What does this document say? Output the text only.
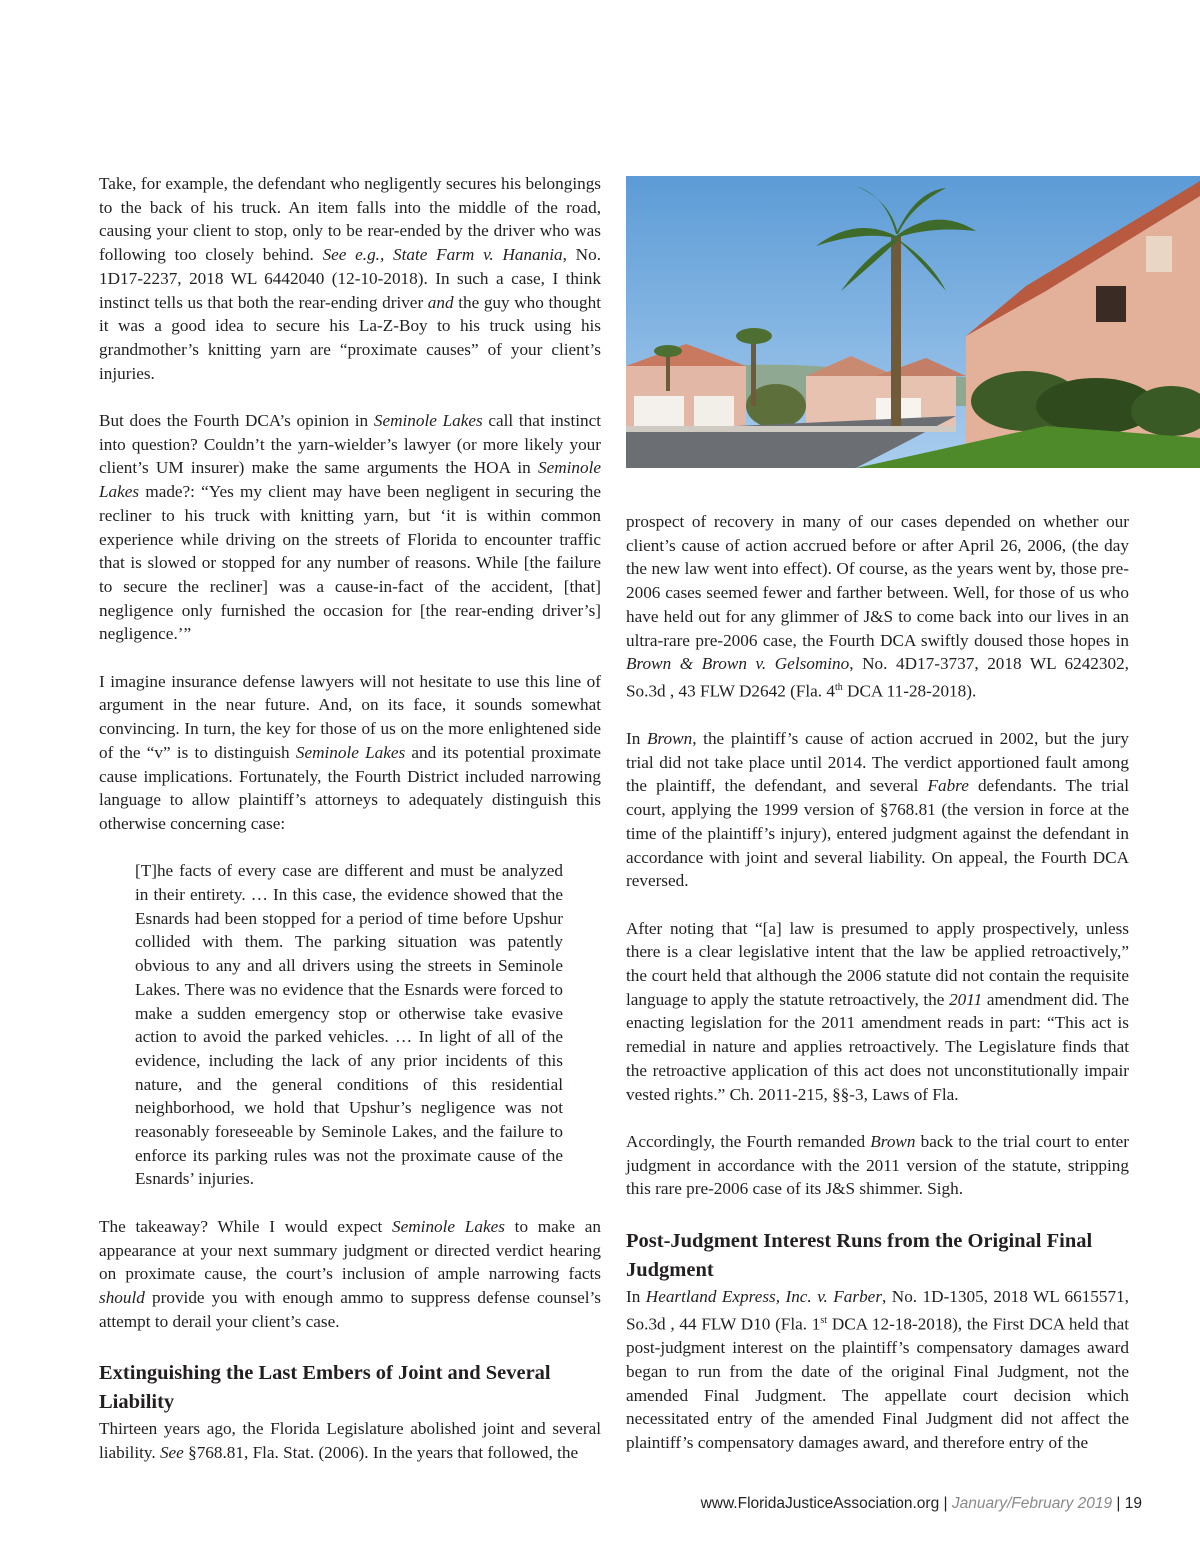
Take, for example, the defendant who negligently secures his belongings to the back of his truck. An item falls into the middle of the road, causing your client to stop, only to be rear-ended by the driver who was following too closely behind. See e.g., State Farm v. Hanania, No. 1D17-2237, 2018 WL 6442040 (12-10-2018). In such a case, I think instinct tells us that both the rear-ending driver and the guy who thought it was a good idea to secure his La-Z-Boy to his truck using his grandmother’s knitting yarn are “proximate causes” of your client’s injuries.

But does the Fourth DCA’s opinion in Seminole Lakes call that instinct into question? Couldn’t the yarn-wielder’s lawyer (or more likely your client’s UM insurer) make the same arguments the HOA in Seminole Lakes made?: “Yes my client may have been negligent in securing the recliner to his truck with knitting yarn, but ‘it is within common experience while driving on the streets of Florida to encounter traffic that is slowed or stopped for any number of reasons. While [the failure to secure the recliner] was a cause-in-fact of the accident, [that] negligence only furnished the occasion for [the rear-ending driver’s] negligence.’”

I imagine insurance defense lawyers will not hesitate to use this line of argument in the near future. And, on its face, it sounds somewhat convincing. In turn, the key for those of us on the more enlightened side of the “v” is to distinguish Seminole Lakes and its potential proximate cause implications. Fortunately, the Fourth District included narrowing language to allow plaintiff’s attorneys to adequately distinguish this otherwise concerning case:

[T]he facts of every case are different and must be analyzed in their entirety. … In this case, the evidence showed that the Esnards had been stopped for a period of time before Upshur collided with them. The parking situation was patently obvious to any and all drivers using the streets in Seminole Lakes. There was no evidence that the Esnards were forced to make a sudden emergency stop or otherwise take evasive action to avoid the parked vehicles. … In light of all of the evidence, including the lack of any prior incidents of this nature, and the general conditions of this residential neighborhood, we hold that Upshur’s negligence was not reasonably foreseeable by Seminole Lakes, and the failure to enforce its parking rules was not the proximate cause of the Esnards’ injuries.

The takeaway? While I would expect Seminole Lakes to make an appearance at your next summary judgment or directed verdict hearing on proximate cause, the court’s inclusion of ample narrowing facts should provide you with enough ammo to suppress defense counsel’s attempt to derail your client’s case.

Extinguishing the Last Embers of Joint and Several Liability

Thirteen years ago, the Florida Legislature abolished joint and several liability. See §768.81, Fla. Stat. (2006). In the years that followed, the

prospect of recovery in many of our cases depended on whether our client’s cause of action accrued before or after April 26, 2006, (the day the new law went into effect). Of course, as the years went by, those pre-2006 cases seemed fewer and farther between. Well, for those of us who have held out for any glimmer of J&S to come back into our lives in an ultra-rare pre-2006 case, the Fourth DCA swiftly doused those hopes in Brown & Brown v. Gelsomino, No. 4D17-3737, 2018 WL 6242302, So.3d , 43 FLW D2642 (Fla. 4th DCA 11-28-2018).

In Brown, the plaintiff’s cause of action accrued in 2002, but the jury trial did not take place until 2014. The verdict apportioned fault among the plaintiff, the defendant, and several Fabre defendants. The trial court, applying the 1999 version of §768.81 (the version in force at the time of the plaintiff’s injury), entered judgment against the defendant in accordance with joint and several liability. On appeal, the Fourth DCA reversed.

After noting that “[a] law is presumed to apply prospectively, unless there is a clear legislative intent that the law be applied retroactively,” the court held that although the 2006 statute did not contain the requisite language to apply the statute retroactively, the 2011 amendment did. The enacting legislation for the 2011 amendment reads in part: “This act is remedial in nature and applies retroactively. The Legislature finds that the retroactive application of this act does not unconstitutionally impair vested rights.” Ch. 2011-215, §§-3, Laws of Fla.

Accordingly, the Fourth remanded Brown back to the trial court to enter judgment in accordance with the 2011 version of the statute, stripping this rare pre-2006 case of its J&S shimmer. Sigh.

Post-Judgment Interest Runs from the Original Final Judgment

In Heartland Express, Inc. v. Farber, No. 1D-1305, 2018 WL 6615571, So.3d , 44 FLW D10 (Fla. 1st DCA 12-18-2018), the First DCA held that post-judgment interest on the plaintiff’s compensatory damages award began to run from the date of the original Final Judgment, not the amended Final Judgment. The appellate court decision which necessitated entry of the amended Final Judgment did not affect the plaintiff’s compensatory damages award, and therefore entry of the

www.FloridaJusticeAssociation.org | January/February 2019 | 19
